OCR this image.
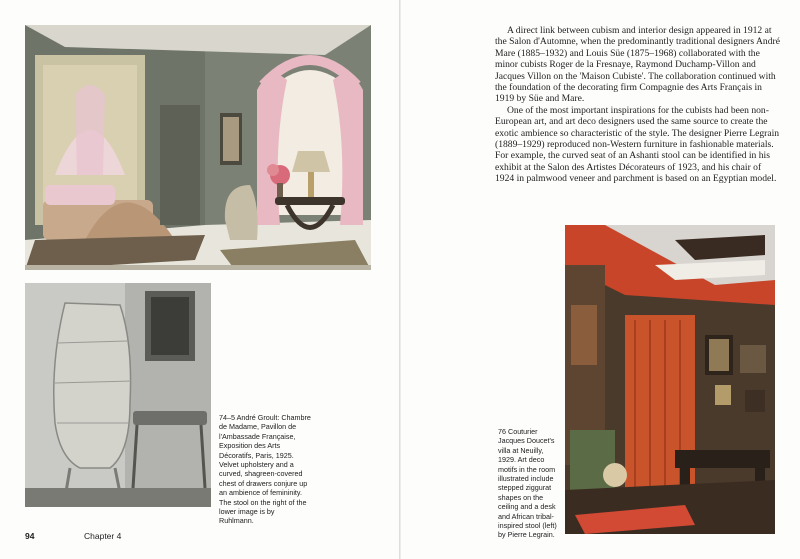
74–5 André Groult: Chambre de Madame, Pavillon de l'Ambassade Française, Exposition des Arts Décoratifs, Paris, 1925. Velvet upholstery and a curved, shagreen-covered chest of drawers conjure up an ambience of femininity. The stool on the right of the lower image is by Ruhlmann.
94	Chapter 4

A direct link between cubism and interior design appeared in 1912 at the Salon d'Automne, when the predominantly traditional designers André Mare (1885–1932) and Louis Süe (1875–1968) collaborated with the minor cubists Roger de la Fresnaye, Raymond Duchamp-Villon and Jacques Villon on the 'Maison Cubiste'. The collaboration continued with the foundation of the decorating firm Compagnie des Arts Français in 1919 by Süe and Mare.

One of the most important inspirations for the cubists had been non-European art, and art deco designers used the same source to create the exotic ambience so characteristic of the style. The designer Pierre Legrain (1889–1929) reproduced non-Western furniture in fashionable materials. For example, the curved seat of an Ashanti stool can be identified in his exhibit at the Salon des Artistes Décorateurs of 1923, and his chair of 1924 in palmwood veneer and parchment is based on an Egyptian model.

76 Couturier Jacques Doucet's villa at Neuilly, 1929. Art deco motifs in the room illustrated include stepped ziggurat shapes on the ceiling and a desk and African tribal-inspired stool (left) by Pierre Legrain.
